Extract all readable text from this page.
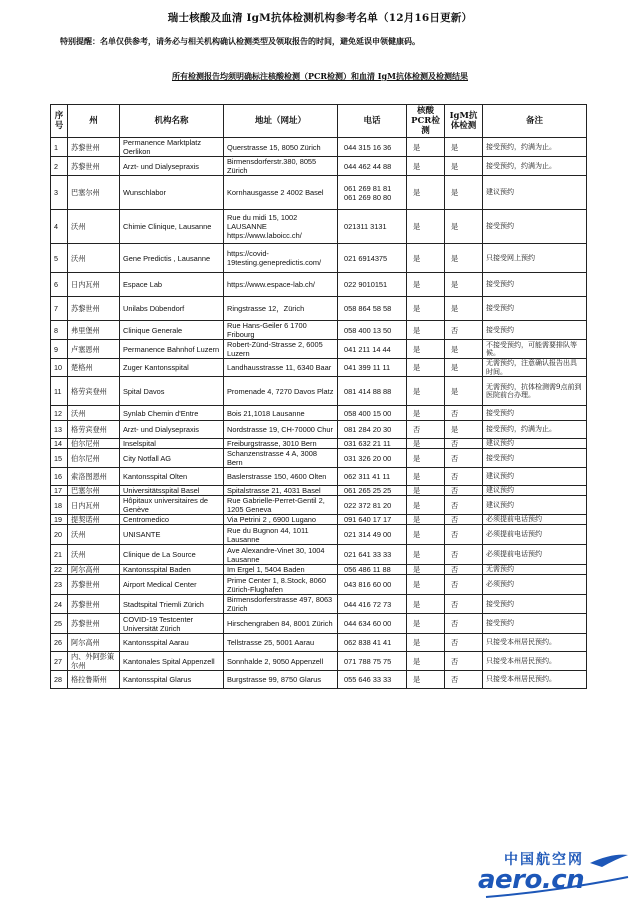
瑞士核酸及血清 IgM抗体检测机构参考名单（12月16日更新）
特别提醒：名单仅供参考，请务必与相关机构确认检测类型及领取报告的时间，避免延误申领健康码。
所有检测报告均须明确标注核酸检测（PCR检测）和血清 IgM抗体检测及检测结果
序号	州	机构名称	地址（网址）	电话	核酸PCR检测	IgM抗体检测	备注
1	苏黎世州	Permanence Marktplatz Oerlikon	Querstrasse 15, 8050 Zürich	044 315 16 36	是	是	接受预约，约满为止。
2	苏黎世州	Arzt- und Dialysepraxis	Birmensdorferstr.380, 8055 Zürich	044 462 44 88	是	是	接受预约，约满为止。
3	巴塞尔州	Wunschlabor	Kornhausgasse 2 4002 Basel	061 269 81 81
061 269 80 80	是	是	建议预约
4	沃州	Chimie Clinique, Lausanne	Rue du midi 15, 1002 LAUSANNE
https://www.laboicc.ch/	021311 3131	是	是	接受预约
5	沃州	Gene Predictis , Lausanne	https://covid-19testing.genepredictis.com/	021 6914375	是	是	只接受网上预约
6	日内瓦州	Espace Lab	https://www.espace-lab.ch/	022 9010151	是	是	接受预约
7	苏黎世州	Unilabs Dübendorf	Ringstrasse 12，Zürich	058 864 58 58	是	是	接受预约
8	弗里堡州	Clinique Generale	Rue Hans-Geiler 6 1700 Fribourg	058 400 13 50	是	否	接受预约
9	卢塞恩州	Permanence Bahnhof Luzern	Robert-Zünd-Strasse 2, 6005 Luzern	041 211 14 44	是	是	不接受预约，可能需要排队等候。
10	楚格州	Zuger Kantonsspital	Landhausstrasse 11, 6340 Baar	041 399 11 11	是	是	无需预约，注意确认报告出具时间。
11	格劳宾登州	Spital Davos	Promenade 4, 7270 Davos Platz	081 414 88 88	是	是	无需预约，抗体检测需9点前到医院前台办理。
12	沃州	Synlab Chemin d'Entre	Bois 21,1018 Lausanne	058 400 15 00	是	否	接受预约
13	格劳宾登州	Arzt- und Dialysepraxis	Nordstrasse 19, CH-70000 Chur	081 284 20 30	否	是	接受预约，约满为止。
14	伯尔尼州	Inselspital	Freiburgstrasse, 3010 Bern	031 632 21 11	是	否	建议预约
15	伯尔尼州	City Notfall AG	Schanzenstrasse 4 A, 3008 Bern	031 326 20 00	是	否	接受预约
16	索洛图恩州	Kantonsspital Olten	Baslerstrasse 150, 4600 Olten	062 311 41 11	是	否	建议预约
17	巴塞尔州	Universitätsspital Basel	Spitalstrasse 21, 4031 Basel	061 265 25 25	是	否	建议预约
18	日内瓦州	Hôpitaux universitaires de Genève	Rue Gabrielle-Perret-Gentil 2, 1205 Geneva	022 372 81 20	是	否	建议预约
19	提契诺州	Centromedico	Via Petrini 2 , 6900 Lugano	091 640 17 17	是	否	必须提前电话预约
20	沃州	UNISANTE	Rue du Bugnon 44, 1011 Lausanne	021 314 49 00	是	否	必须提前电话预约
21	沃州	Clinique de La Source	Ave Alexandre-Vinet 30, 1004 Lausanne	021 641 33 33	是	否	必须提前电话预约
22	阿尔高州	Kantonsspital Baden	Im Ergel 1, 5404 Baden	056 486 11 88	是	否	无需预约
23	苏黎世州	Airport Medical Center	Prime Center 1, 8.Stock, 8060 Zürich-Flughafen	043 816 60 00	是	否	必须预约
24	苏黎世州	Stadtspital Triemli Zürich	Birmensdorferstrasse 497, 8063 Zürich	044 416 72 73	是	否	接受预约
25	苏黎世州	COVID-19 Testcenter Universität Zürich	Hirschengraben 84, 8001 Zürich	044 634 60 00	是	否	接受预约
26	阿尔高州	Kantonsspital Aarau	Tellstrasse 25, 5001 Aarau	062 838 41 41	是	否	只接受本州居民预约。
27	内、外阿彭策尔州	Kantonales Spital Appenzell	Sonnhalde 2, 9050 Appenzell	071 788 75 75	是	否	只接受本州居民预约。
28	格拉鲁斯州	Kantonsspital Glarus	Burgstrasse 99, 8750 Glarus	055 646 33 33	是	否	只接受本州居民预约。
中国航空网
aero.cn
